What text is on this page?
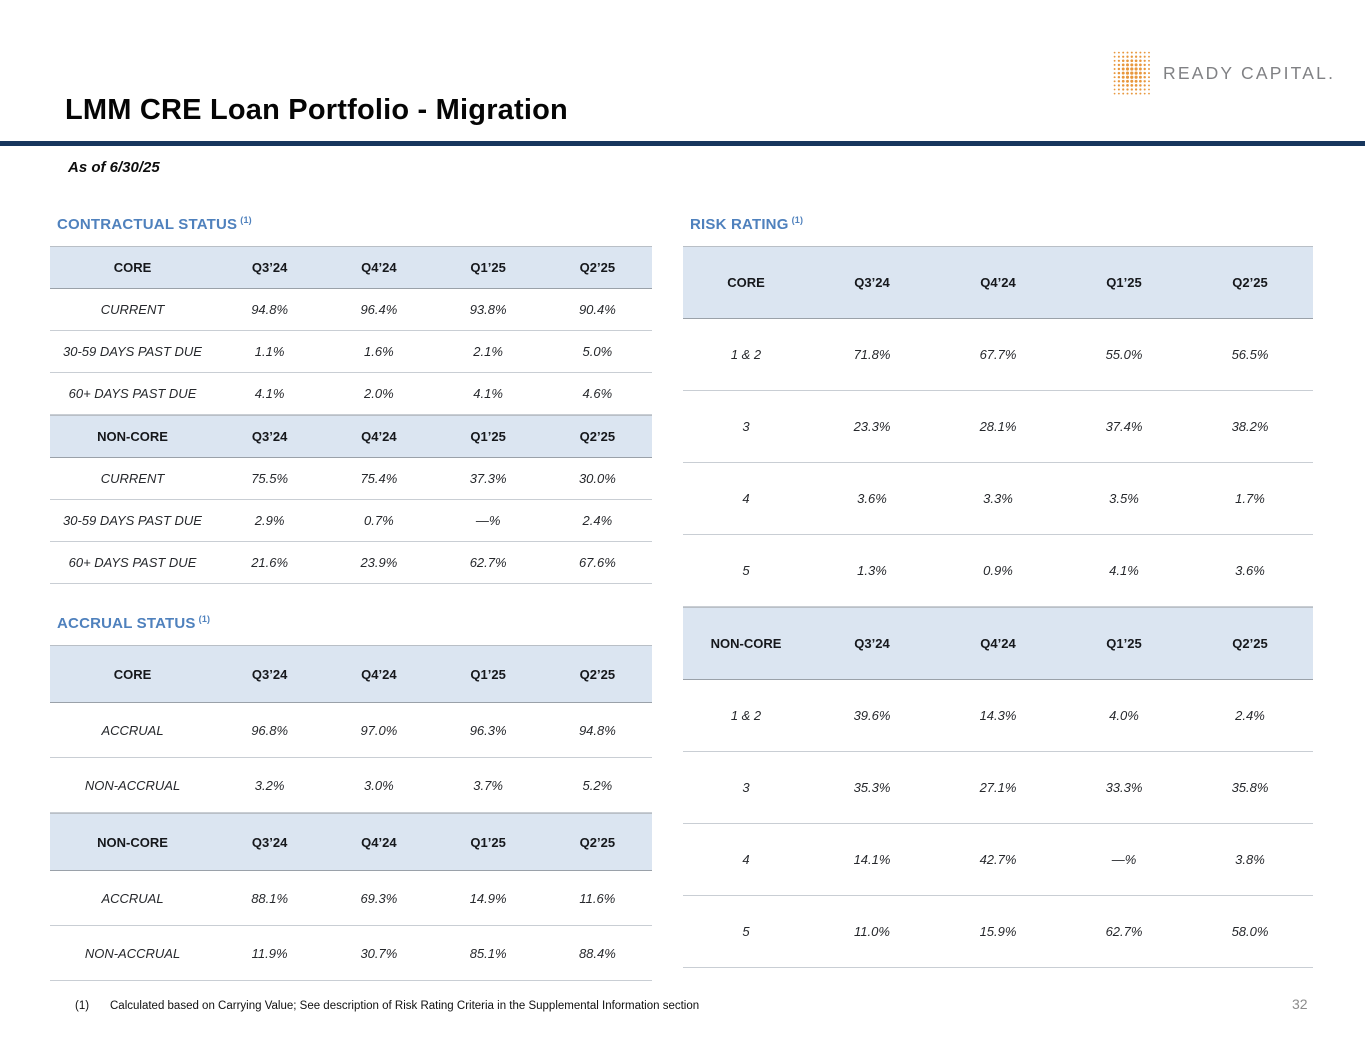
READY CAPITAL.
LMM CRE Loan Portfolio - Migration
As of 6/30/25
CONTRACTUAL STATUS $^{(1)}$
CORE	Q3’24	Q4’24	Q1’25	Q2’25
CURRENT	94.8%	96.4%	93.8%	90.4%
30-59 DAYS PAST DUE	1.1%	1.6%	2.1%	5.0%
60+ DAYS PAST DUE	4.1%	2.0%	4.1%	4.6%
NON-CORE	Q3’24	Q4’24	Q1’25	Q2’25
CURRENT	75.5%	75.4%	37.3%	30.0%
30-59 DAYS PAST DUE	2.9%	0.7%	—%	2.4%
60+ DAYS PAST DUE	21.6%	23.9%	62.7%	67.6%
ACCRUAL STATUS $^{(1)}$
CORE	Q3’24	Q4’24	Q1’25	Q2’25
ACCRUAL	96.8%	97.0%	96.3%	94.8%
NON-ACCRUAL	3.2%	3.0%	3.7%	5.2%
NON-CORE	Q3’24	Q4’24	Q1’25	Q2’25
ACCRUAL	88.1%	69.3%	14.9%	11.6%
NON-ACCRUAL	11.9%	30.7%	85.1%	88.4%
RISK RATING $^{(1)}$
CORE	Q3’24	Q4’24	Q1’25	Q2’25
1 & 2	71.8%	67.7%	55.0%	56.5%
3	23.3%	28.1%	37.4%	38.2%
4	3.6%	3.3%	3.5%	1.7%
5	1.3%	0.9%	4.1%	3.6%
NON-CORE	Q3’24	Q4’24	Q1’25	Q2’25
1 & 2	39.6%	14.3%	4.0%	2.4%
3	35.3%	27.1%	33.3%	35.8%
4	14.1%	42.7%	—%	3.8%
5	11.0%	15.9%	62.7%	58.0%
(1)	Calculated based on Carrying Value; See description of Risk Rating Criteria in the Supplemental Information section	32
